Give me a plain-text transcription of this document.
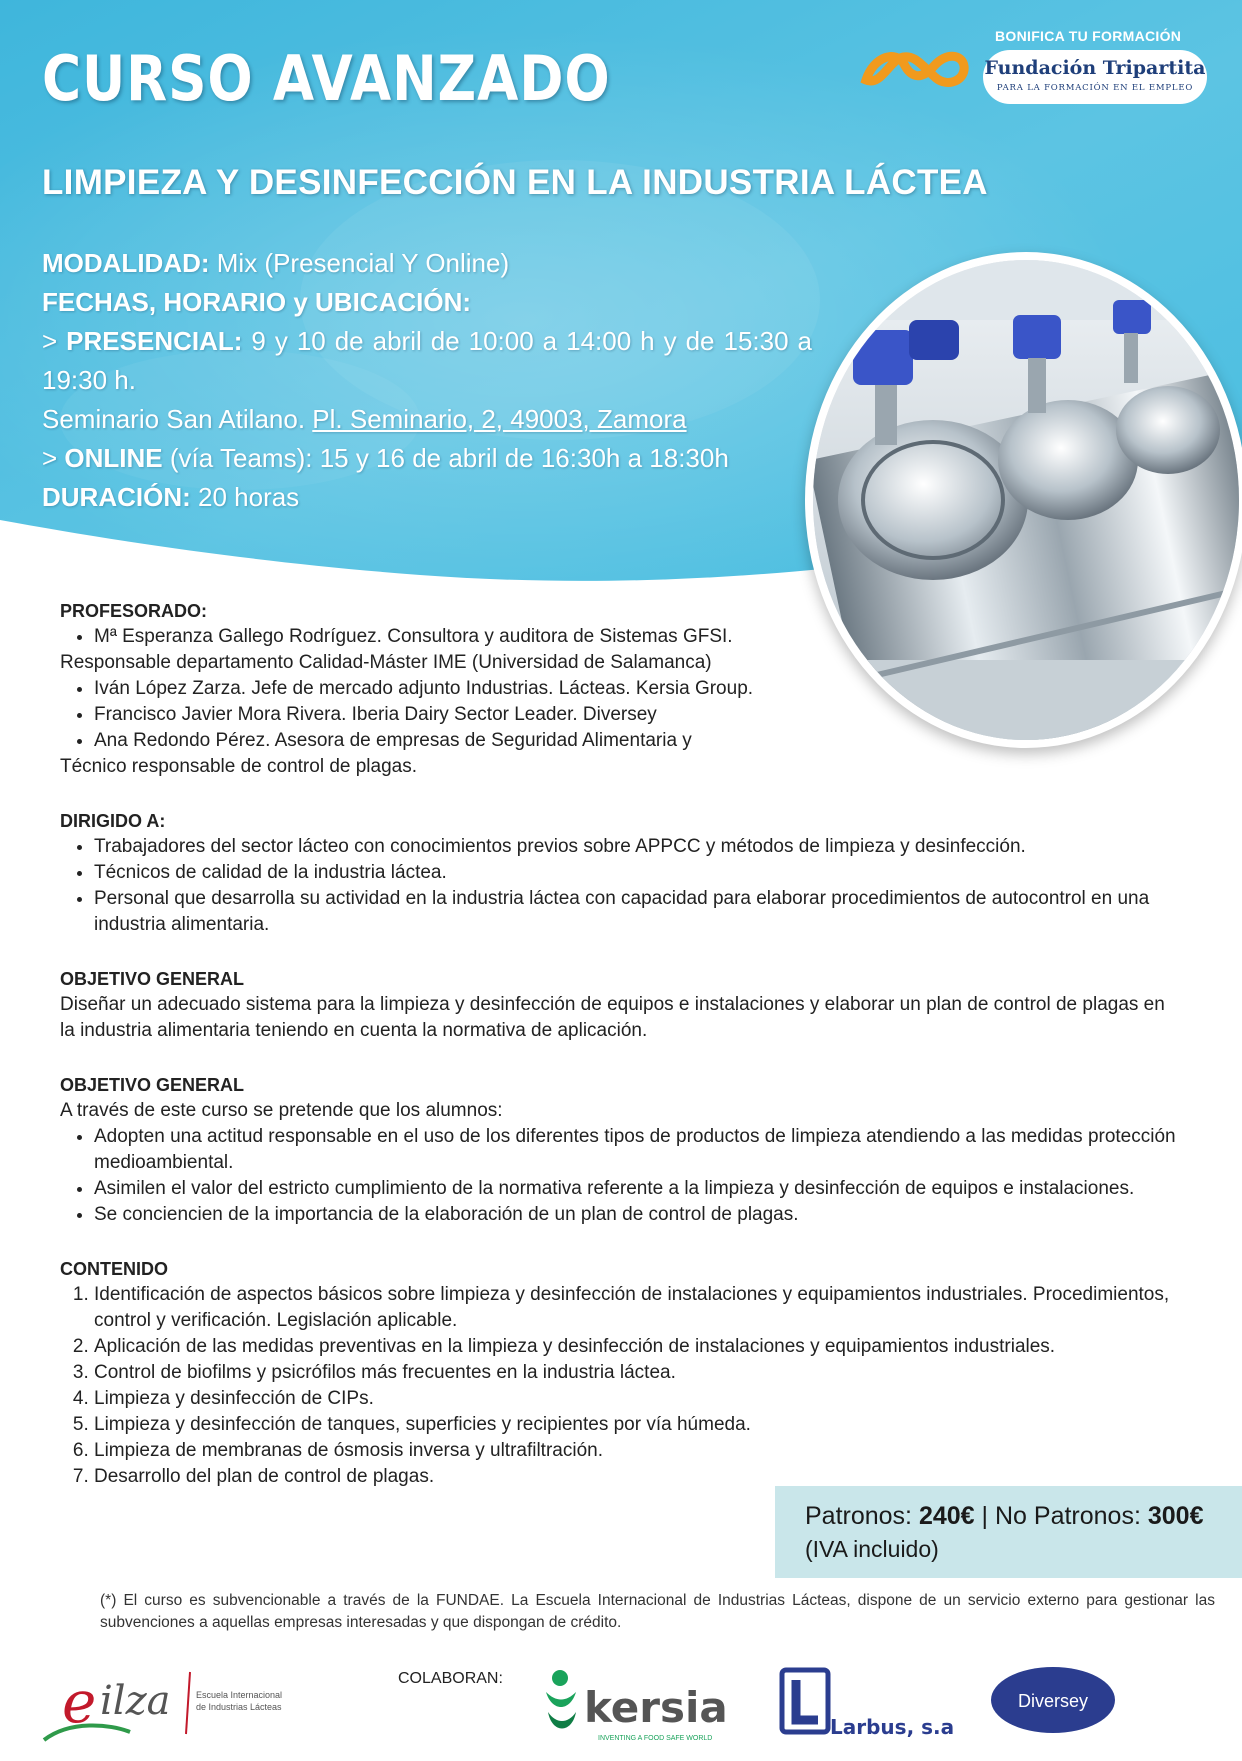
CURSO AVANZADO
LIMPIEZA Y DESINFECCIÓN EN LA INDUSTRIA LÁCTEA
MODALIDAD: Mix (Presencial Y Online)
FECHAS, HORARIO y UBICACIÓN:
> PRESENCIAL: 9 y 10 de abril de 10:00 a 14:00 h y de 15:30 a 19:30 h.
Seminario San Atilano. Pl. Seminario, 2, 49003, Zamora
> ONLINE (vía Teams): 15 y 16 de abril de 16:30h a 18:30h
DURACIÓN: 20 horas
BONIFICA TU FORMACIÓN
Fundación Tripartita
PARA LA FORMACIÓN EN EL EMPLEO

PROFESORADO:

• Mª Esperanza Gallego Rodríguez. Consultora y auditora de Sistemas GFSI.

Responsable departamento Calidad-Máster IME (Universidad de Salamanca)

• Iván López Zarza. Jefe de mercado adjunto Industrias. Lácteas. Kersia Group.
• Francisco Javier Mora Rivera. Iberia Dairy Sector Leader. Diversey
• Ana Redondo Pérez. Asesora de empresas de Seguridad Alimentaria y

Técnico responsable de control de plagas.

DIRIGIDO A:

• Trabajadores del sector lácteo con conocimientos previos sobre APPCC y métodos de limpieza y desinfección.
• Técnicos de calidad de la industria láctea.
• Personal que desarrolla su actividad en la industria láctea con capacidad para elaborar procedimientos de autocontrol en una industria alimentaria.

OBJETIVO GENERAL

Diseñar un adecuado sistema para la limpieza y desinfección de equipos e instalaciones y elaborar un plan de control de plagas en la industria alimentaria teniendo en cuenta la normativa de aplicación.

OBJETIVO GENERAL

A través de este curso se pretende que los alumnos:

• Adopten una actitud responsable en el uso de los diferentes tipos de productos de limpieza atendiendo a las medidas protección medioambiental.
• Asimilen el valor del estricto cumplimiento de la normativa referente a la limpieza y desinfección de equipos e instalaciones.
• Se conciencien de la importancia de la elaboración de un plan de control de plagas.

CONTENIDO

1. Identificación de aspectos básicos sobre limpieza y desinfección de instalaciones y equipamientos industriales. Procedimientos, control y verificación. Legislación aplicable.
2. Aplicación de las medidas preventivas en la limpieza y desinfección de instalaciones y equipamientos industriales.
3. Control de biofilms y psicrófilos más frecuentes en la industria láctea.
4. Limpieza y desinfección de CIPs.
5. Limpieza y desinfección de tanques, superficies y recipientes por vía húmeda.
6. Limpieza de membranas de ósmosis inversa y ultrafiltración.
7. Desarrollo del plan de control de plagas.
Patronos: 240€ | No Patronos: 300€
(IVA incluido)
(*) El curso es subvencionable a través de la FUNDAE. La Escuela Internacional de Industrias Lácteas, dispone de un servicio externo para gestionar las subvenciones a aquellas empresas interesadas y que dispongan de crédito.
e ilza	Escuela Internacional
de Industrias Lácteas	kersia
INVENTING A FOOD SAFE WORLD	Larbus, s.a
Diversey
COLABORAN:
